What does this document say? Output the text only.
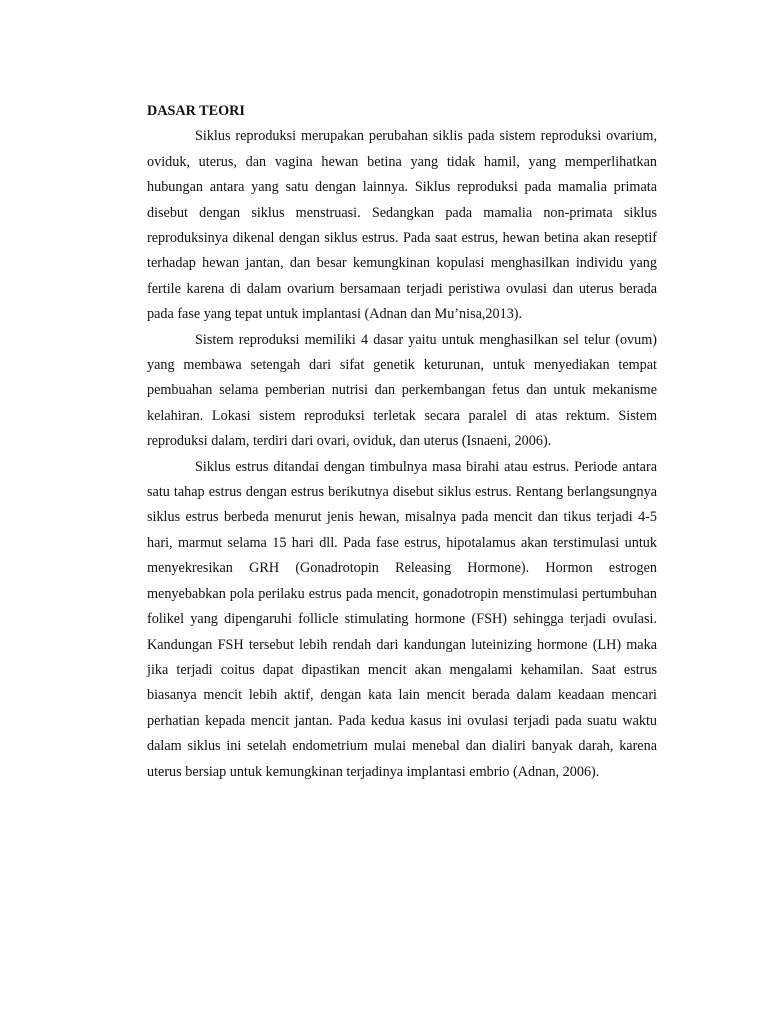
DASAR TEORI

Siklus reproduksi merupakan perubahan siklis pada sistem reproduksi ovarium, oviduk, uterus, dan vagina hewan betina yang tidak hamil, yang memperlihatkan hubungan antara yang satu dengan lainnya. Siklus reproduksi pada mamalia primata disebut dengan siklus menstruasi. Sedangkan pada mamalia non-primata siklus reproduksinya dikenal dengan siklus estrus. Pada saat estrus, hewan betina akan reseptif terhadap hewan jantan, dan besar kemungkinan kopulasi menghasilkan individu yang fertile karena di dalam ovarium bersamaan terjadi peristiwa ovulasi dan uterus berada pada fase yang tepat untuk implantasi (Adnan dan Mu’nisa,2013).

Sistem reproduksi memiliki 4 dasar yaitu untuk menghasilkan sel telur (ovum) yang membawa setengah dari sifat genetik keturunan, untuk menyediakan tempat pembuahan selama pemberian nutrisi dan perkembangan fetus dan untuk mekanisme kelahiran. Lokasi sistem reproduksi terletak secara paralel di atas rektum. Sistem reproduksi dalam, terdiri dari ovari, oviduk, dan uterus (Isnaeni, 2006).

Siklus estrus ditandai dengan timbulnya masa birahi atau estrus. Periode antara satu tahap estrus dengan estrus berikutnya disebut siklus estrus. Rentang berlangsungnya siklus estrus berbeda menurut jenis hewan, misalnya pada mencit dan tikus terjadi 4-5 hari, marmut selama 15 hari dll. Pada fase estrus, hipotalamus akan terstimulasi untuk menyekresikan GRH (Gonadrotopin Releasing Hormone). Hormon estrogen menyebabkan pola perilaku estrus pada mencit, gonadotropin menstimulasi pertumbuhan folikel yang dipengaruhi follicle stimulating hormone (FSH) sehingga terjadi ovulasi. Kandungan FSH tersebut lebih rendah dari kandungan luteinizing hormone (LH) maka jika terjadi coitus dapat dipastikan mencit akan mengalami kehamilan. Saat estrus biasanya mencit lebih aktif, dengan kata lain mencit berada dalam keadaan mencari perhatian kepada mencit jantan. Pada kedua kasus ini ovulasi terjadi pada suatu waktu dalam siklus ini setelah endometrium mulai menebal dan dialiri banyak darah, karena uterus bersiap untuk kemungkinan terjadinya implantasi embrio (Adnan, 2006).
